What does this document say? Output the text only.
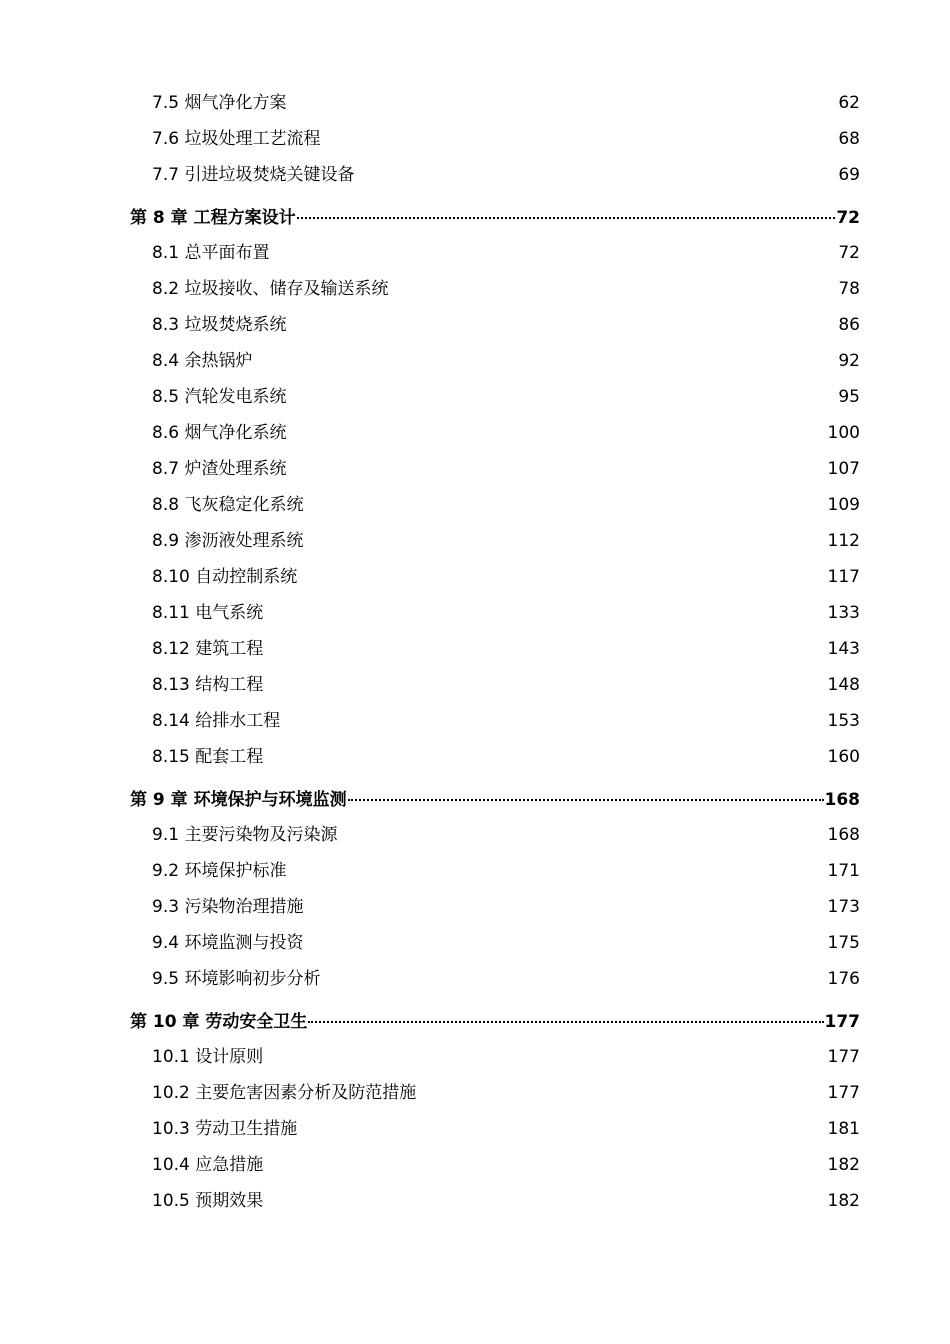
7.5 烟气净化方案	62
7.6 垃圾处理工艺流程	68
7.7 引进垃圾焚烧关键设备	69
第 8 章 工程方案设计	72
8.1 总平面布置	72
8.2 垃圾接收、储存及输送系统	78
8.3 垃圾焚烧系统	86
8.4 余热锅炉	92
8.5 汽轮发电系统	95
8.6 烟气净化系统	100
8.7 炉渣处理系统	107
8.8 飞灰稳定化系统	109
8.9 渗沥液处理系统	112
8.10 自动控制系统	117
8.11 电气系统	133
8.12 建筑工程	143
8.13 结构工程	148
8.14 给排水工程	153
8.15 配套工程	160
第 9 章 环境保护与环境监测	168
9.1 主要污染物及污染源	168
9.2 环境保护标准	171
9.3 污染物治理措施	173
9.4 环境监测与投资	175
9.5 环境影响初步分析	176
第 10 章 劳动安全卫生	177
10.1 设计原则	177
10.2 主要危害因素分析及防范措施	177
10.3 劳动卫生措施	181
10.4 应急措施	182
10.5 预期效果	182
